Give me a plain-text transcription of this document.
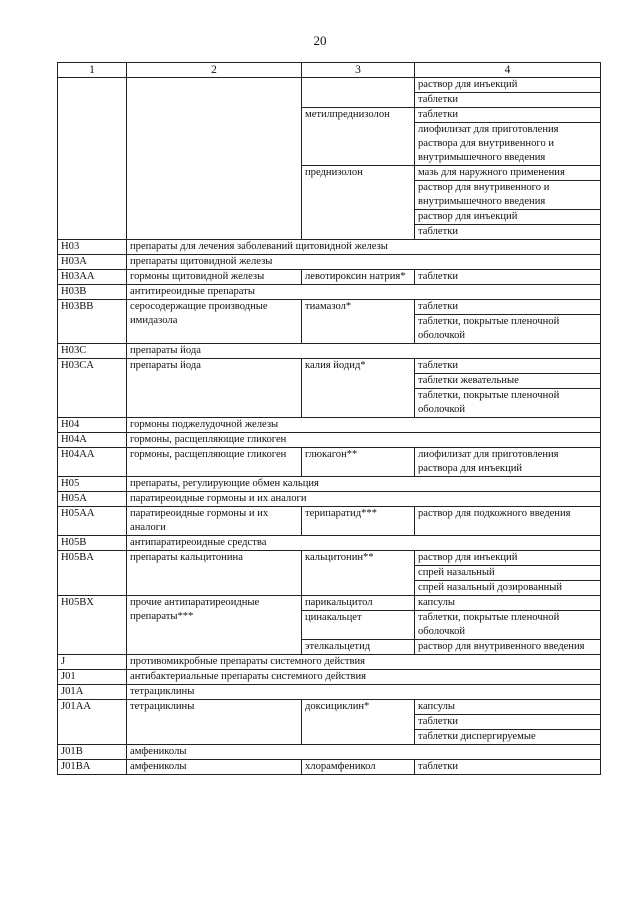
20
1	2	3	4
			раствор для инъекций
			таблетки
		метилпреднизолон	таблетки
			лиофилизат для приготовления раствора для внутривенного и внутримышечного введения
		преднизолон	мазь для наружного применения
			раствор для внутривенного и внутримышечного введения
			раствор для инъекций
			таблетки
H03	препараты для лечения заболеваний щитовидной железы		
H03A	препараты щитовидной железы		
H03AA	гормоны щитовидной железы	левотироксин натрия*	таблетки
H03B	антитиреоидные препараты		
H03BB	серосодержащие производные имидазола	тиамазол*	таблетки
			таблетки, покрытые пленочной оболочкой
H03C	препараты йода		
H03CA	препараты йода	калия йодид*	таблетки
			таблетки жевательные
			таблетки, покрытые пленочной оболочкой
H04	гормоны поджелудочной железы		
H04A	гормоны, расщепляющие гликоген		
H04AA	гормоны, расщепляющие гликоген	глюкагон**	лиофилизат для приготовления раствора для инъекций
H05	препараты, регулирующие обмен кальция		
H05A	паратиреоидные гормоны и их аналоги		
H05AA	паратиреоидные гормоны и их аналоги	терипаратид***	раствор для подкожного введения
H05B	антипаратиреоидные средства		
H05BA	препараты кальцитонина	кальцитонин**	раствор для инъекций
			спрей назальный
			спрей назальный дозированный
H05BX	прочие антипаратиреоидные препараты***	парикальцитол	капсулы
		цинакальцет	таблетки, покрытые пленочной оболочкой
		этелкальцетид	раствор для внутривенного введения
J	противомикробные препараты системного действия		
J01	антибактериальные препараты системного действия		
J01A	тетрациклины		
J01AA	тетрациклины	доксициклин*	капсулы
			таблетки
			таблетки диспергируемые
J01B	амфениколы		
J01BA	амфениколы	хлорамфеникол	таблетки
